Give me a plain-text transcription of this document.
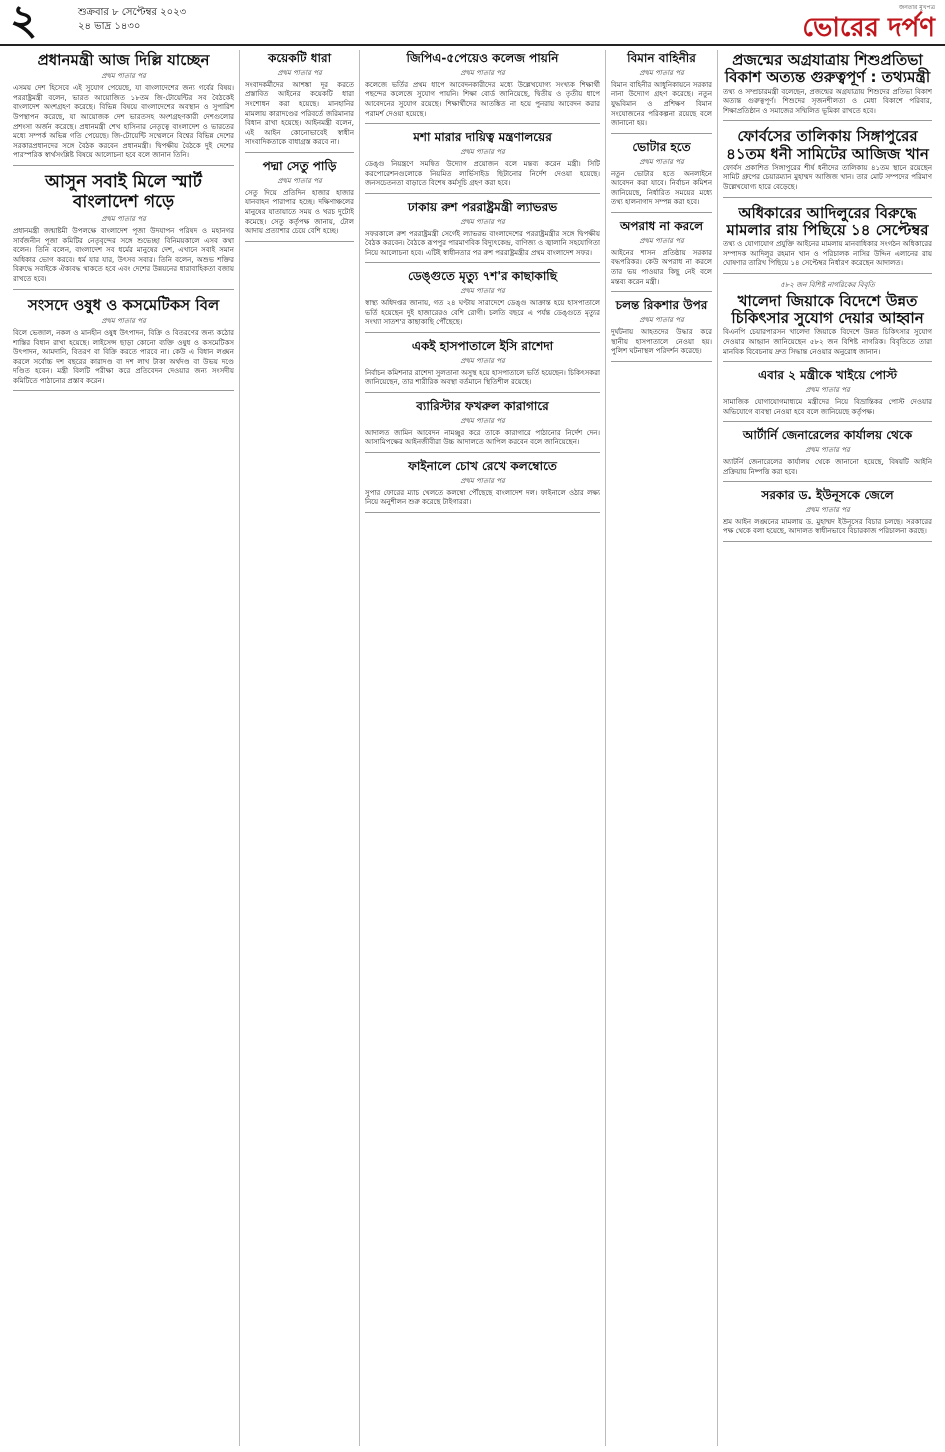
২	শুক্রবার ৮ সেপ্টেম্বর ২০২৩
২৪ ভাদ্র ১৪৩০
জনতার মুখপত্র
ভোরের দর্পণ
প্রধানমন্ত্রী আজ দিল্লি যাচ্ছেন
প্রথম পাতার পর

এসময় দেশ হিসেবে এই সুযোগ পেয়েছে, যা বাংলাদেশের জন্য গর্বের বিষয়। পররাষ্ট্রমন্ত্রী বলেন, ভারত আয়োজিত ১৮তম জি-টোয়েন্টির সব বৈঠকেই বাংলাদেশ অংশগ্রহণ করেছে। বিভিন্ন বিষয়ে বাংলাদেশের অবস্থান ও সুপারিশ উপস্থাপন করেছে, যা আয়োজক দেশ ভারতসহ অংশগ্রহণকারী দেশগুলোর প্রশংসা অর্জন করেছে। প্রধানমন্ত্রী শেখ হাসিনার নেতৃত্বে বাংলাদেশ ও ভারতের মধ্যে সম্পর্ক অভিন্ন গতি পেয়েছে। জি-টোয়েন্টি সম্মেলনে বিশ্বের বিভিন্ন দেশের সরকারপ্রধানদের সঙ্গে বৈঠক করবেন প্রধানমন্ত্রী। দ্বিপক্ষীয় বৈঠকে দুই দেশের পারস্পরিক স্বার্থসংশ্লিষ্ট বিষয়ে আলোচনা হবে বলে জানান তিনি।

আসুন সবাই মিলে স্মার্ট বাংলাদেশ গড়ে
প্রথম পাতার পর

প্রধানমন্ত্রী জন্মাষ্টমী উপলক্ষে বাংলাদেশ পূজা উদযাপন পরিষদ ও মহানগর সার্বজনীন পূজা কমিটির নেতৃবৃন্দের সঙ্গে শুভেচ্ছা বিনিময়কালে এসব কথা বলেন। তিনি বলেন, বাংলাদেশ সব ধর্মের মানুষের দেশ, এখানে সবাই সমান অধিকার ভোগ করবে। ধর্ম যার যার, উৎসব সবার। তিনি বলেন, অশুভ শক্তির বিরুদ্ধে সবাইকে ঐক্যবদ্ধ থাকতে হবে এবং দেশের উন্নয়নের ধারাবাহিকতা বজায় রাখতে হবে।

সংসদে ওষুধ ও কসমেটিকস বিল
প্রথম পাতার পর

বিলে ভেজাল, নকল ও মানহীন ওষুধ উৎপাদন, বিক্রি ও বিতরণের জন্য কঠোর শাস্তির বিধান রাখা হয়েছে। লাইসেন্স ছাড়া কোনো ব্যক্তি ওষুধ ও কসমেটিকস উৎপাদন, আমদানি, বিতরণ বা বিক্রি করতে পারবে না। কেউ এ বিধান লঙ্ঘন করলে সর্বোচ্চ দশ বছরের কারাদণ্ড বা দশ লাখ টাকা অর্থদণ্ড বা উভয় দণ্ডে দণ্ডিত হবেন। মন্ত্রী বিলটি পরীক্ষা করে প্রতিবেদন দেওয়ার জন্য সংসদীয় কমিটিতে পাঠানোর প্রস্তাব করেন।

কয়েকটি ধারা
প্রথম পাতার পর

সংবাদকর্মীদের আশঙ্কা দূর করতে প্রস্তাবিত আইনের কয়েকটি ধারা সংশোধন করা হয়েছে। মানহানির মামলায় কারাদণ্ডের পরিবর্তে জরিমানার বিধান রাখা হয়েছে। আইনমন্ত্রী বলেন, এই আইন কোনোভাবেই স্বাধীন সাংবাদিকতাকে বাধাগ্রস্ত করবে না।

পদ্মা সেতু পাড়ি
প্রথম পাতার পর

সেতু দিয়ে প্রতিদিন হাজার হাজার যানবাহন পারাপার হচ্ছে। দক্ষিণাঞ্চলের মানুষের যাতায়াতে সময় ও খরচ দুটোই কমেছে। সেতু কর্তৃপক্ষ জানায়, টোল আদায় প্রত্যাশার চেয়ে বেশি হচ্ছে।

জিপিএ-৫পেয়েও কলেজ পায়নি
প্রথম পাতার পর

কলেজে ভর্তির প্রথম ধাপে আবেদনকারীদের মধ্যে উল্লেখযোগ্য সংখ্যক শিক্ষার্থী পছন্দের কলেজে সুযোগ পায়নি। শিক্ষা বোর্ড জানিয়েছে, দ্বিতীয় ও তৃতীয় ধাপে আবেদনের সুযোগ রয়েছে। শিক্ষার্থীদের আতঙ্কিত না হয়ে পুনরায় আবেদন করার পরামর্শ দেওয়া হয়েছে।

মশা মারার দায়িত্ব মন্ত্রণালয়ের
প্রথম পাতার পর

ডেঙ্গু নিয়ন্ত্রণে সমন্বিত উদ্যোগ প্রয়োজন বলে মন্তব্য করেন মন্ত্রী। সিটি করপোরেশনগুলোকে নিয়মিত লার্ভিসাইড ছিটানোর নির্দেশ দেওয়া হয়েছে। জনসচেতনতা বাড়াতে বিশেষ কর্মসূচি গ্রহণ করা হবে।

ঢাকায় রুশ পররাষ্ট্রমন্ত্রী ল্যাভরভ
প্রথম পাতার পর

সফরকালে রুশ পররাষ্ট্রমন্ত্রী সের্গেই ল্যাভরভ বাংলাদেশের পররাষ্ট্রমন্ত্রীর সঙ্গে দ্বিপক্ষীয় বৈঠক করবেন। বৈঠকে রূপপুর পারমাণবিক বিদ্যুৎকেন্দ্র, বাণিজ্য ও জ্বালানি সহযোগিতা নিয়ে আলোচনা হবে। এটিই স্বাধীনতার পর রুশ পররাষ্ট্রমন্ত্রীর প্রথম বাংলাদেশ সফর।

ডেঙ্গুতে মৃত্যু ৭শ'র কাছাকাছি
প্রথম পাতার পর

স্বাস্থ্য অধিদপ্তর জানায়, গত ২৪ ঘণ্টায় সারাদেশে ডেঙ্গু আক্রান্ত হয়ে হাসপাতালে ভর্তি হয়েছেন দুই হাজারেরও বেশি রোগী। চলতি বছরে এ পর্যন্ত ডেঙ্গুতে মৃত্যুর সংখ্যা সাতশ'র কাছাকাছি পৌঁছেছে।

একই হাসপাতালে ইসি রাশেদা
প্রথম পাতার পর

নির্বাচন কমিশনার রাশেদা সুলতানা অসুস্থ হয়ে হাসপাতালে ভর্তি হয়েছেন। চিকিৎসকরা জানিয়েছেন, তার শারীরিক অবস্থা বর্তমানে স্থিতিশীল রয়েছে।

ব্যারিস্টার ফখরুল কারাগারে
প্রথম পাতার পর

আদালত জামিন আবেদন নামঞ্জুর করে তাকে কারাগারে পাঠানোর নির্দেশ দেন। আসামিপক্ষের আইনজীবীরা উচ্চ আদালতে আপিল করবেন বলে জানিয়েছেন।

ফাইনালে চোখ রেখে কলম্বোতে
প্রথম পাতার পর

সুপার ফোরের ম্যাচ খেলতে কলম্বো পৌঁছেছে বাংলাদেশ দল। ফাইনালে ওঠার লক্ষ্য নিয়ে অনুশীলন শুরু করেছে টাইগাররা।

বিমান বাহিনীর
প্রথম পাতার পর

বিমান বাহিনীর আধুনিকায়নে সরকার নানা উদ্যোগ গ্রহণ করেছে। নতুন যুদ্ধবিমান ও প্রশিক্ষণ বিমান সংযোজনের পরিকল্পনা রয়েছে বলে জানানো হয়।

ভোটার হতে
প্রথম পাতার পর

নতুন ভোটার হতে অনলাইনে আবেদন করা যাবে। নির্বাচন কমিশন জানিয়েছে, নির্ধারিত সময়ের মধ্যে তথ্য হালনাগাদ সম্পন্ন করা হবে।

অপরাধ না করলে
প্রথম পাতার পর

আইনের শাসন প্রতিষ্ঠায় সরকার বদ্ধপরিকর। কেউ অপরাধ না করলে তার ভয় পাওয়ার কিছু নেই বলে মন্তব্য করেন মন্ত্রী।

চলন্ত রিকশার উপর
প্রথম পাতার পর

দুর্ঘটনায় আহতদের উদ্ধার করে স্থানীয় হাসপাতালে নেওয়া হয়। পুলিশ ঘটনাস্থল পরিদর্শন করেছে।

প্রজন্মের অগ্রযাত্রায় শিশুপ্রতিভা বিকাশ অত্যন্ত গুরুত্বপূর্ণ : তথ্যমন্ত্রী

তথ্য ও সম্প্রচারমন্ত্রী বলেছেন, প্রজন্মের অগ্রযাত্রায় শিশুদের প্রতিভা বিকাশ অত্যন্ত গুরুত্বপূর্ণ। শিশুদের সৃজনশীলতা ও মেধা বিকাশে পরিবার, শিক্ষাপ্রতিষ্ঠান ও সমাজের সম্মিলিত ভূমিকা রাখতে হবে।

ফোর্বসের তালিকায় সিঙ্গাপুরের ৪১তম ধনী সামিটের আজিজ খান

ফোর্বস প্রকাশিত সিঙ্গাপুরের শীর্ষ ধনীদের তালিকায় ৪১তম স্থানে রয়েছেন সামিট গ্রুপের চেয়ারম্যান মুহাম্মদ আজিজ খান। তার মোট সম্পদের পরিমাণ উল্লেখযোগ্য হারে বেড়েছে।

অধিকারের আদিলুরের বিরুদ্ধে মামলার রায় পিছিয়ে ১৪ সেপ্টেম্বর

তথ্য ও যোগাযোগ প্রযুক্তি আইনের মামলায় মানবাধিকার সংগঠন অধিকারের সম্পাদক আদিলুর রহমান খান ও পরিচালক নাসির উদ্দিন এলানের রায় ঘোষণার তারিখ পিছিয়ে ১৪ সেপ্টেম্বর নির্ধারণ করেছেন আদালত।

৫৮২ জন বিশিষ্ট নাগরিকের বিবৃতি
খালেদা জিয়াকে বিদেশে উন্নত চিকিৎসার সুযোগ দেয়ার আহ্বান

বিএনপি চেয়ারপারসন খালেদা জিয়াকে বিদেশে উন্নত চিকিৎসার সুযোগ দেওয়ার আহ্বান জানিয়েছেন ৫৮২ জন বিশিষ্ট নাগরিক। বিবৃতিতে তারা মানবিক বিবেচনায় দ্রুত সিদ্ধান্ত নেওয়ার অনুরোধ জানান।

এবার ২ মন্ত্রীকে খাইয়ে পোস্ট
প্রথম পাতার পর

সামাজিক যোগাযোগমাধ্যমে মন্ত্রীদের নিয়ে বিভ্রান্তিকর পোস্ট দেওয়ার অভিযোগে ব্যবস্থা নেওয়া হবে বলে জানিয়েছে কর্তৃপক্ষ।

আর্টার্নি জেনারেলের কার্যালয় থেকে
প্রথম পাতার পর

অ্যাটর্নি জেনারেলের কার্যালয় থেকে জানানো হয়েছে, বিষয়টি আইনি প্রক্রিয়ায় নিষ্পত্তি করা হবে।

সরকার ড. ইউনূসকে জেলে
প্রথম পাতার পর

শ্রম আইন লঙ্ঘনের মামলায় ড. মুহাম্মদ ইউনূসের বিচার চলছে। সরকারের পক্ষ থেকে বলা হয়েছে, আদালত স্বাধীনভাবে বিচারকাজ পরিচালনা করছে।
